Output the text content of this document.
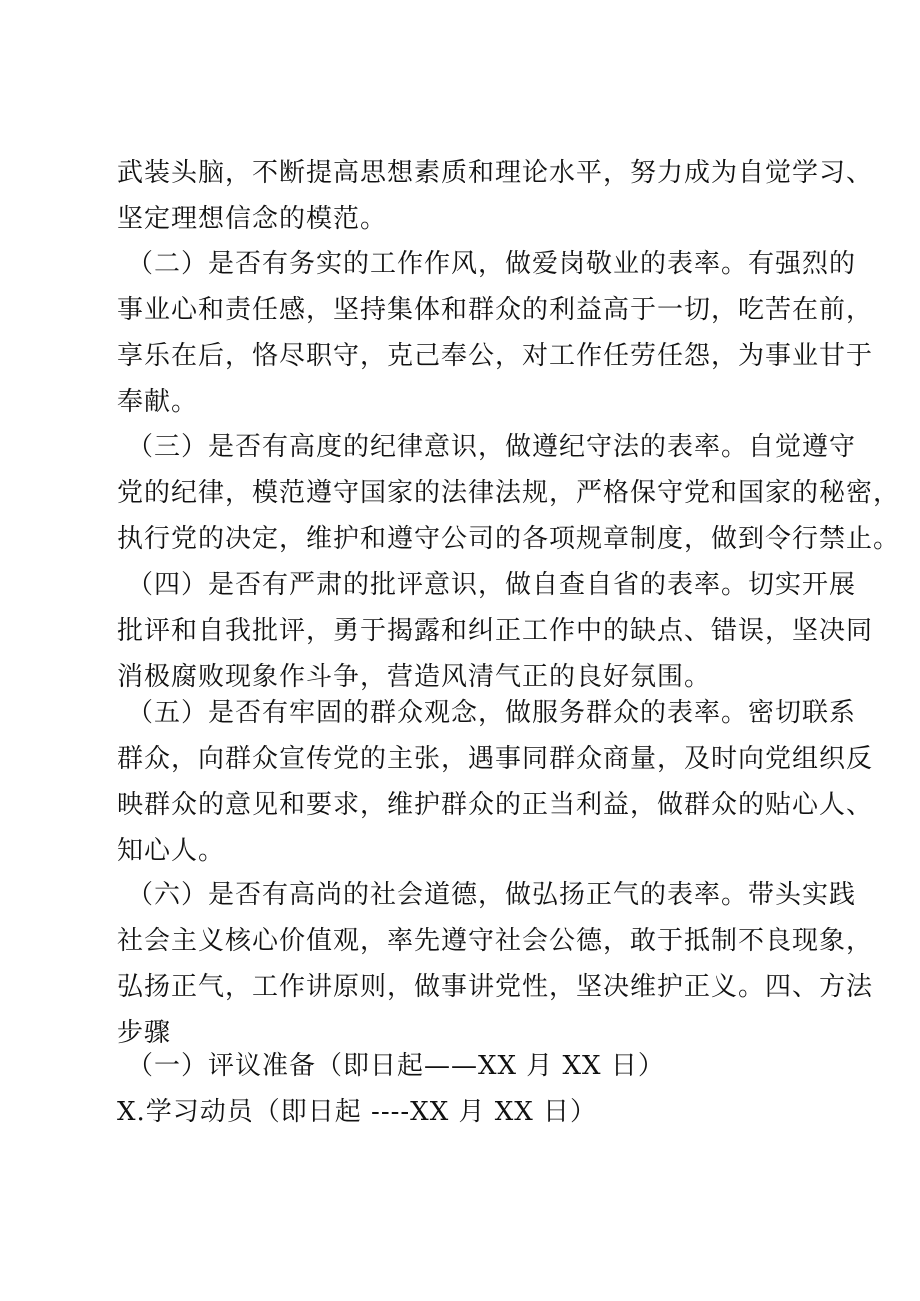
武装头脑，不断提高思想素质和理论水平，努力成为自觉学习、
坚定理想信念的模范。
（二）是否有务实的工作作风，做爱岗敬业的表率。有强烈的
事业心和责任感，坚持集体和群众的利益高于一切，吃苦在前，
享乐在后，恪尽职守，克己奉公，对工作任劳任怨，为事业甘于
奉献。
（三）是否有高度的纪律意识，做遵纪守法的表率。自觉遵守
党的纪律，模范遵守国家的法律法规，严格保守党和国家的秘密，
执行党的决定，维护和遵守公司的各项规章制度，做到令行禁止。
（四）是否有严肃的批评意识，做自查自省的表率。切实开展
批评和自我批评，勇于揭露和纠正工作中的缺点、错误，坚决同
消极腐败现象作斗争，营造风清气正的良好氛围。
（五）是否有牢固的群众观念，做服务群众的表率。密切联系
群众，向群众宣传党的主张，遇事同群众商量，及时向党组织反
映群众的意见和要求，维护群众的正当利益，做群众的贴心人、
知心人。
（六）是否有高尚的社会道德，做弘扬正气的表率。带头实践
社会主义核心价值观，率先遵守社会公德，敢于抵制不良现象，
弘扬正气，工作讲原则，做事讲党性，坚决维护正义。四、方法
步骤
（一）评议准备（即日起——XX 月 XX 日）
X.学习动员（即日起 ----XX 月 XX 日）
